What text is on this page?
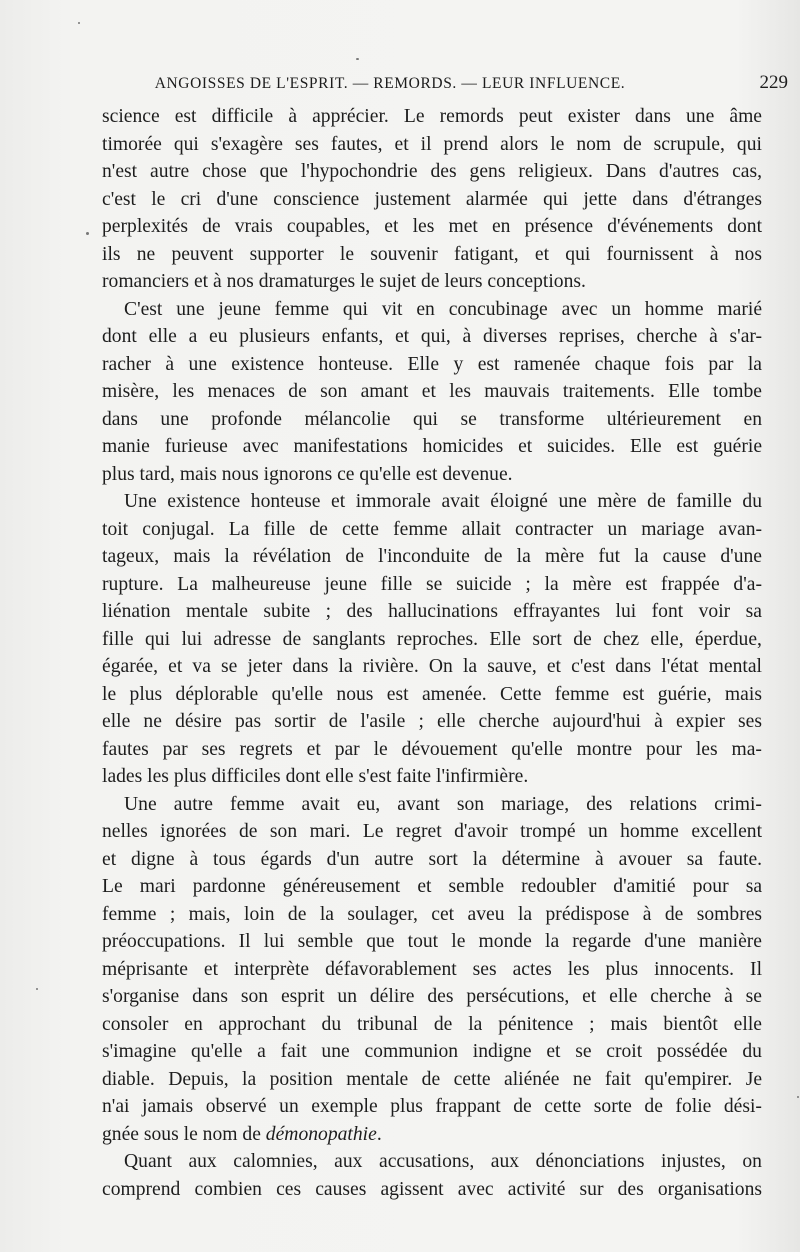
ANGOISSES DE L'ESPRIT. — REMORDS. — LEUR INFLUENCE.	229

science est difficile à apprécier. Le remords peut exister dans une âme
timorée qui s'exagère ses fautes, et il prend alors le nom de scrupule, qui
n'est autre chose que l'hypochondrie des gens religieux. Dans d'autres cas,
c'est le cri d'une conscience justement alarmée qui jette dans d'étranges
perplexités de vrais coupables, et les met en présence d'événements dont
ils ne peuvent supporter le souvenir fatigant, et qui fournissent à nos
romanciers et à nos dramaturges le sujet de leurs conceptions.

C'est une jeune femme qui vit en concubinage avec un homme marié
dont elle a eu plusieurs enfants, et qui, à diverses reprises, cherche à s'ar-
racher à une existence honteuse. Elle y est ramenée chaque fois par la
misère, les menaces de son amant et les mauvais traitements. Elle tombe
dans une profonde mélancolie qui se transforme ultérieurement en
manie furieuse avec manifestations homicides et suicides. Elle est guérie
plus tard, mais nous ignorons ce qu'elle est devenue.

Une existence honteuse et immorale avait éloigné une mère de famille du
toit conjugal. La fille de cette femme allait contracter un mariage avan-
tageux, mais la révélation de l'inconduite de la mère fut la cause d'une
rupture. La malheureuse jeune fille se suicide ; la mère est frappée d'a-
liénation mentale subite ; des hallucinations effrayantes lui font voir sa
fille qui lui adresse de sanglants reproches. Elle sort de chez elle, éperdue,
égarée, et va se jeter dans la rivière. On la sauve, et c'est dans l'état mental
le plus déplorable qu'elle nous est amenée. Cette femme est guérie, mais
elle ne désire pas sortir de l'asile ; elle cherche aujourd'hui à expier ses
fautes par ses regrets et par le dévouement qu'elle montre pour les ma-
lades les plus difficiles dont elle s'est faite l'infirmière.

Une autre femme avait eu, avant son mariage, des relations crimi-
nelles ignorées de son mari. Le regret d'avoir trompé un homme excellent
et digne à tous égards d'un autre sort la détermine à avouer sa faute.
Le mari pardonne généreusement et semble redoubler d'amitié pour sa
femme ; mais, loin de la soulager, cet aveu la prédispose à de sombres
préoccupations. Il lui semble que tout le monde la regarde d'une manière
méprisante et interprète défavorablement ses actes les plus innocents. Il
s'organise dans son esprit un délire des persécutions, et elle cherche à se
consoler en approchant du tribunal de la pénitence ; mais bientôt elle
s'imagine qu'elle a fait une communion indigne et se croit possédée du
diable. Depuis, la position mentale de cette aliénée ne fait qu'empirer. Je
n'ai jamais observé un exemple plus frappant de cette sorte de folie dési-
gnée sous le nom de démonopathie.

Quant aux calomnies, aux accusations, aux dénonciations injustes, on
comprend combien ces causes agissent avec activité sur des organisations
